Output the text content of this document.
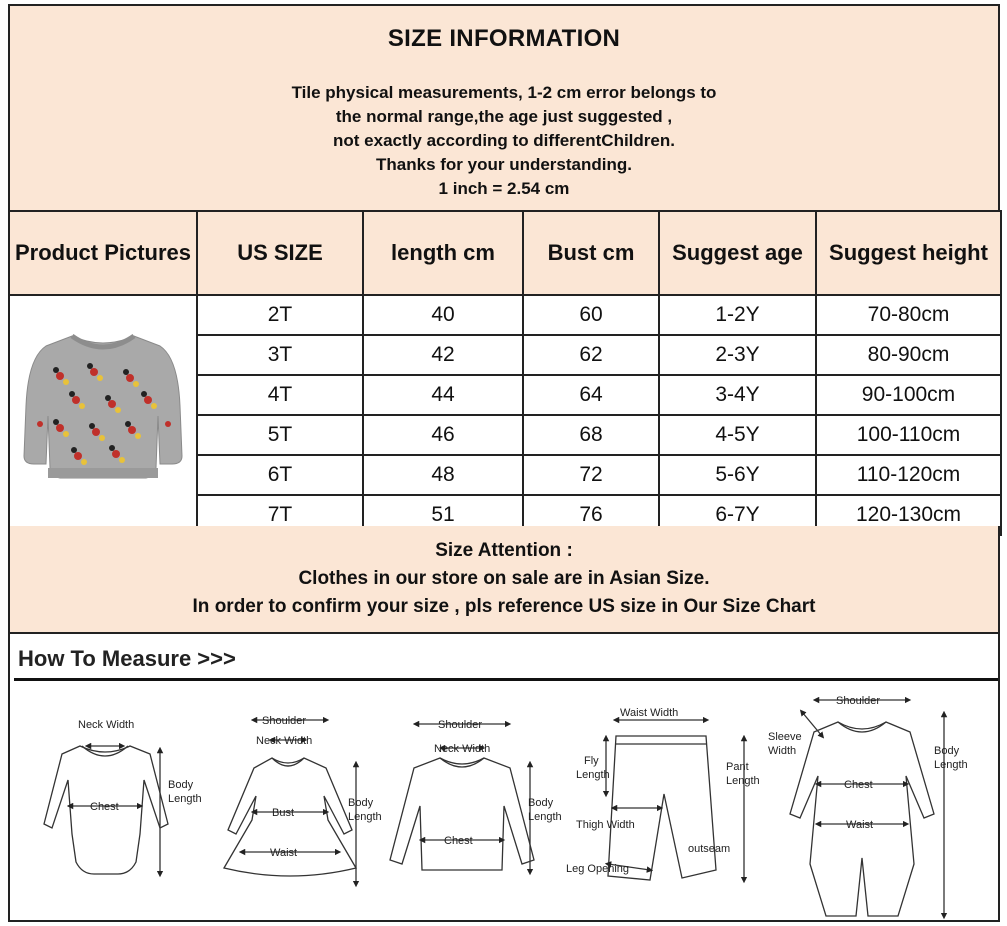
SIZE INFORMATION
Tile physical measurements, 1-2 cm error belongs to
the normal range,the age just suggested ,
not exactly according to differentChildren.
Thanks for your understanding.
1 inch = 2.54 cm
Product Pictures	US SIZE	length cm	Bust cm	Suggest age	Suggest height
	2T	40	60	1-2Y	70-80cm
	3T	42	62	2-3Y	80-90cm
	4T	44	64	3-4Y	90-100cm
	5T	46	68	4-5Y	100-110cm
	6T	48	72	5-6Y	110-120cm
	7T	51	76	6-7Y	120-130cm
Size Attention :
Clothes in our store on sale are in Asian Size.
In order to confirm your size , pls reference US size in Our Size Chart
How To Measure >>>
Neck Width
Chest
Body
Length
Shoulder
Neck Width
Bust
Waist
Body
Length
Shoulder
Neck Width
Chest
Body
Length
Waist Width
Fly
Length
Thigh Width
Pant
Length
outseam
Leg Opening
Shoulder
Sleeve
Width
Chest
Waist
Body
Length
